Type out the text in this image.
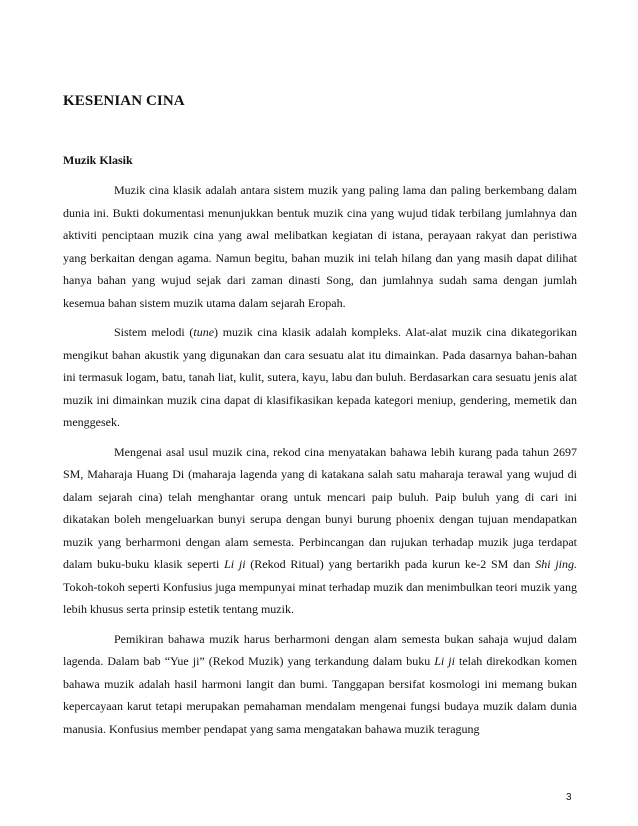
KESENIAN CINA
Muzik Klasik

Muzik cina klasik adalah antara sistem muzik yang paling lama dan paling berkembang dalam dunia ini. Bukti dokumentasi menunjukkan bentuk muzik cina yang wujud tidak terbilang jumlahnya dan aktiviti penciptaan muzik cina yang awal melibatkan kegiatan di istana, perayaan rakyat dan peristiwa yang berkaitan dengan agama. Namun begitu, bahan muzik ini telah hilang dan yang masih dapat dilihat hanya bahan yang wujud sejak dari zaman dinasti Song, dan jumlahnya sudah sama dengan jumlah kesemua bahan sistem muzik utama dalam sejarah Eropah.

Sistem melodi (tune) muzik cina klasik adalah kompleks. Alat-alat muzik cina dikategorikan mengikut bahan akustik yang digunakan dan cara sesuatu alat itu dimainkan. Pada dasarnya bahan-bahan ini termasuk logam, batu, tanah liat, kulit, sutera, kayu, labu dan buluh. Berdasarkan cara sesuatu jenis alat muzik ini dimainkan muzik cina dapat di klasifikasikan kepada kategori meniup, gendering, memetik dan menggesek.

Mengenai asal usul muzik cina, rekod cina menyatakan bahawa lebih kurang pada tahun 2697 SM, Maharaja Huang Di (maharaja lagenda yang di katakana salah satu maharaja terawal yang wujud di dalam sejarah cina) telah menghantar orang untuk mencari paip buluh. Paip buluh yang di cari ini dikatakan boleh mengeluarkan bunyi serupa dengan bunyi burung phoenix dengan tujuan mendapatkan muzik yang berharmoni dengan alam semesta. Perbincangan dan rujukan terhadap muzik juga terdapat dalam buku-buku klasik seperti Li ji (Rekod Ritual) yang bertarikh pada kurun ke-2 SM dan Shi jing. Tokoh-tokoh seperti Konfusius juga mempunyai minat terhadap muzik dan menimbulkan teori muzik yang lebih khusus serta prinsip estetik tentang muzik.

Pemikiran bahawa muzik harus berharmoni dengan alam semesta bukan sahaja wujud dalam lagenda. Dalam bab “Yue ji” (Rekod Muzik) yang terkandung dalam buku Li ji telah direkodkan komen bahawa muzik adalah hasil harmoni langit dan bumi. Tanggapan bersifat kosmologi ini memang bukan kepercayaan karut tetapi merupakan pemahaman mendalam mengenai fungsi budaya muzik dalam dunia manusia. Konfusius member pendapat yang sama mengatakan bahawa muzik teragung

3
